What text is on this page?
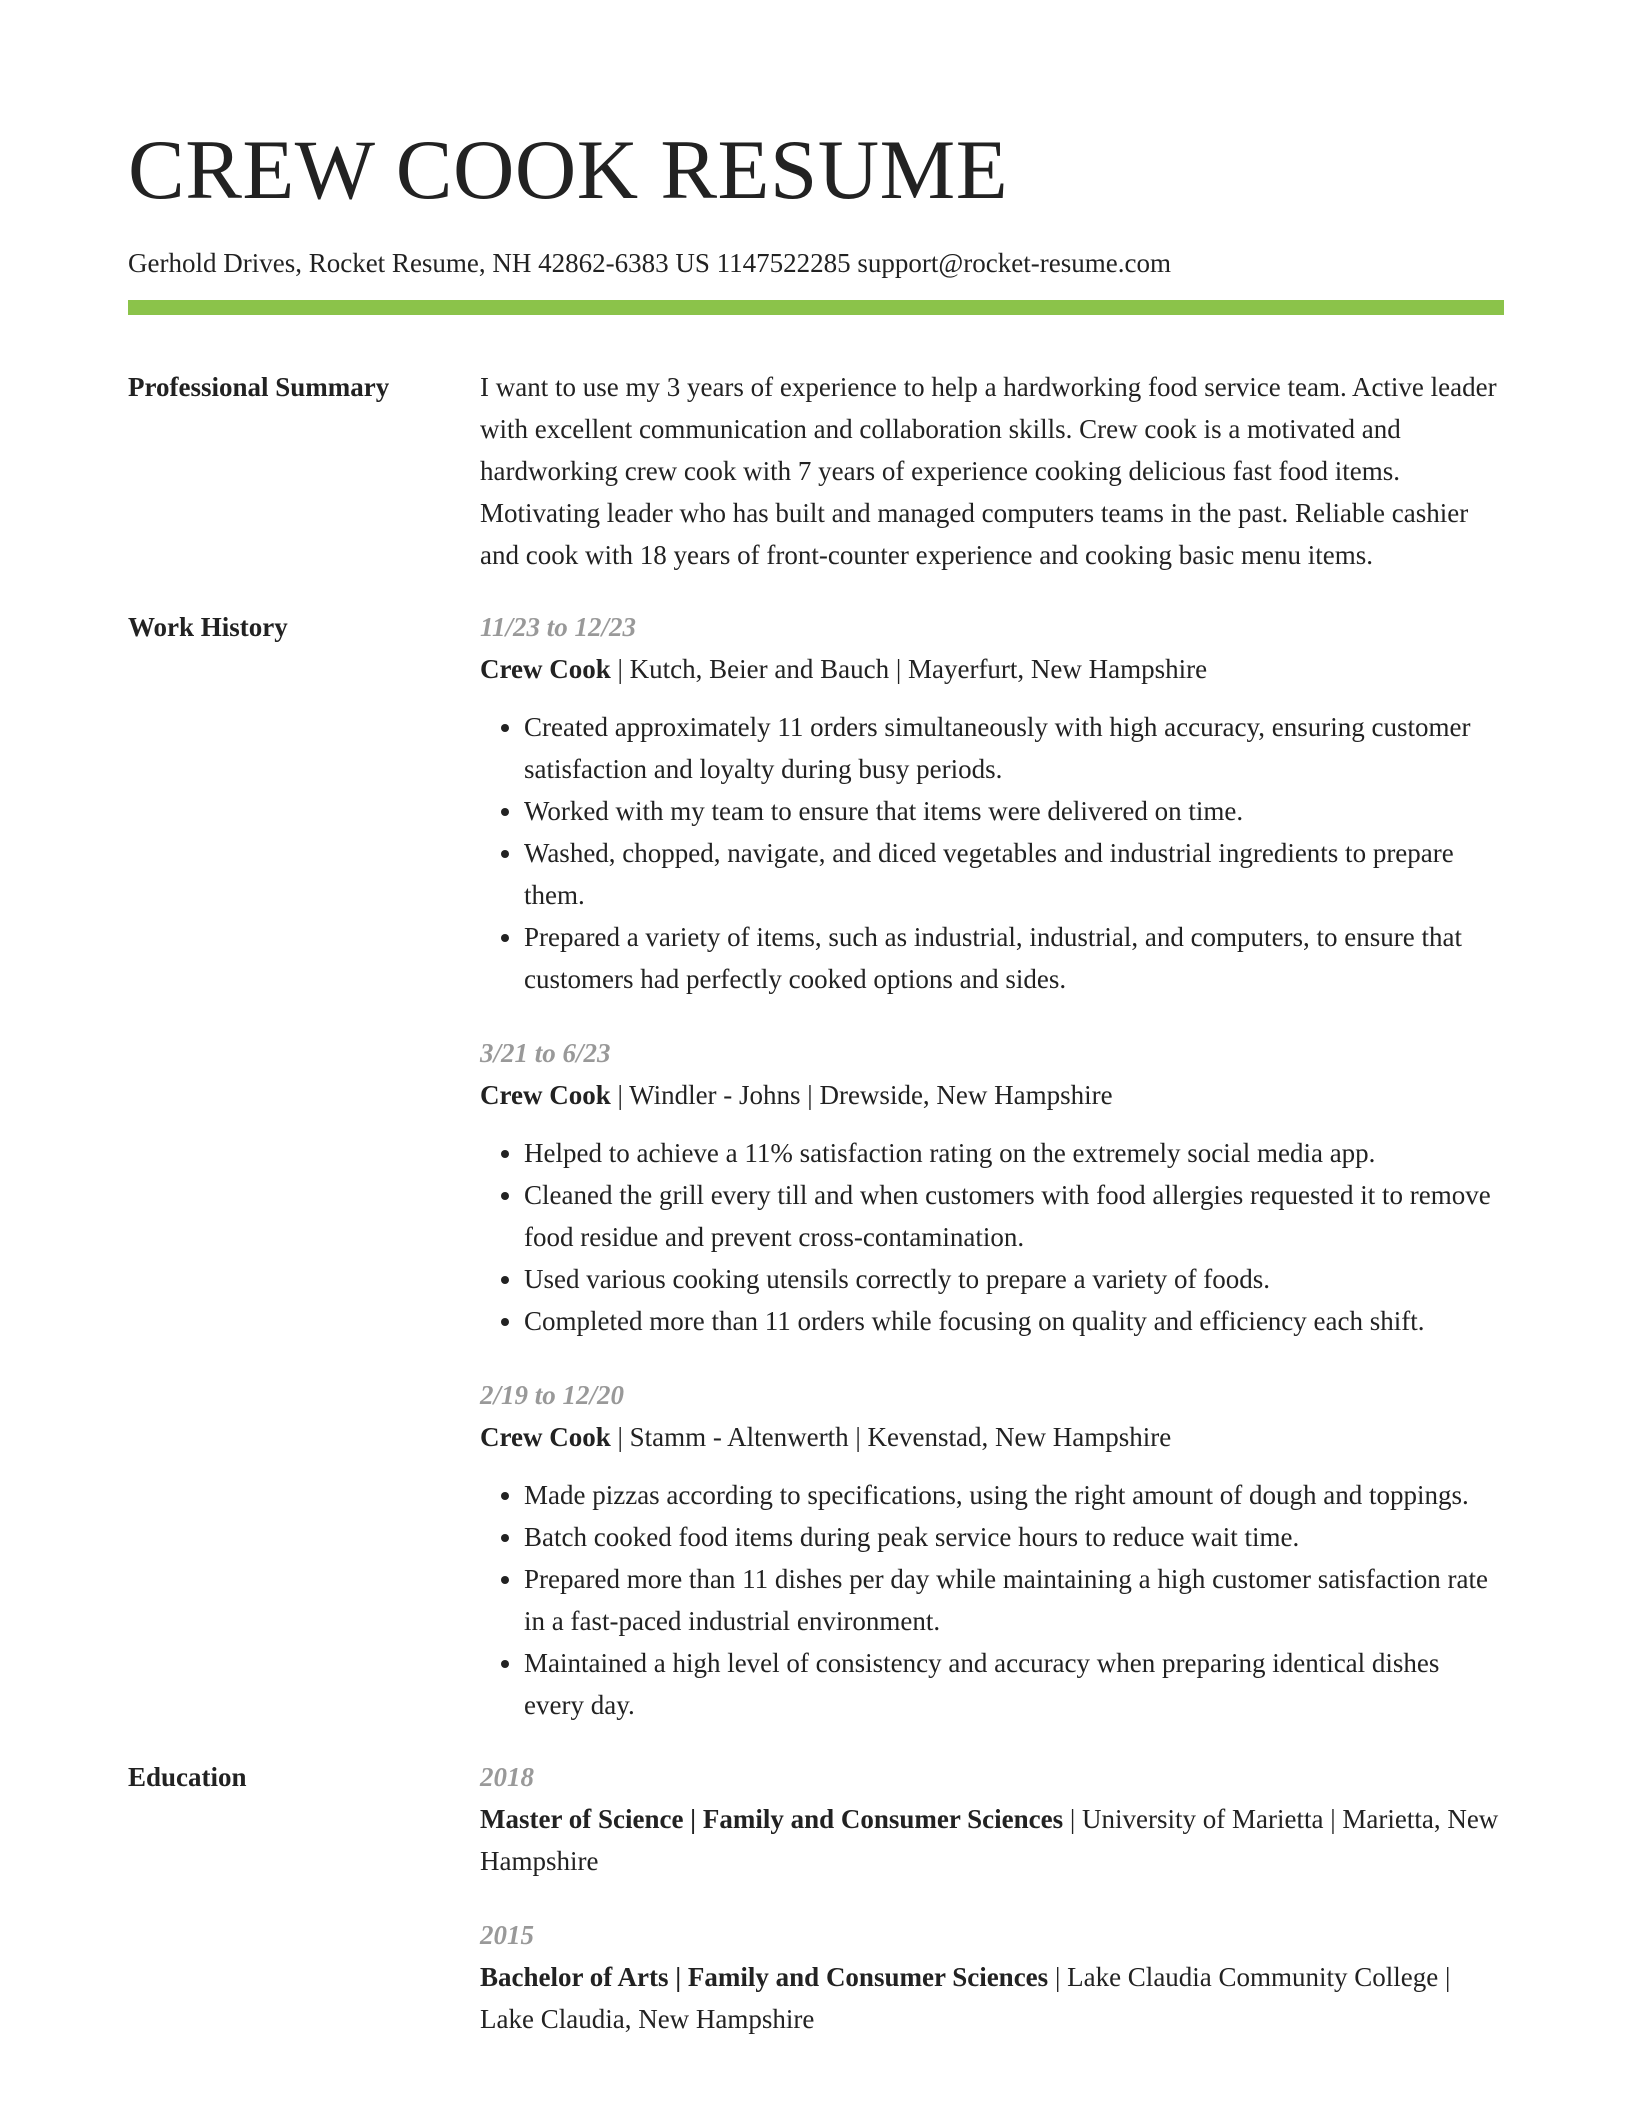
CREW COOK RESUME
Gerhold Drives, Rocket Resume, NH 42862-6383 US 1147522285 support@rocket-resume.com
Professional Summary	I want to use my 3 years of experience to help a hardworking food service team. Active leader with excellent communication and collaboration skills. Crew cook is a motivated and hardworking crew cook with 7 years of experience cooking delicious fast food items. Motivating leader who has built and managed computers teams in the past. Reliable cashier and cook with 18 years of front-counter experience and cooking basic menu items.

Work History	11/23 to 12/23
Crew Cook | Kutch, Beier and Bauch | Mayerfurt, New Hampshire
• Created approximately 11 orders simultaneously with high accuracy, ensuring customer satisfaction and loyalty during busy periods.
• Worked with my team to ensure that items were delivered on time.
• Washed, chopped, navigate, and diced vegetables and industrial ingredients to prepare them.
• Prepared a variety of items, such as industrial, industrial, and computers, to ensure that customers had perfectly cooked options and sides.
3/21 to 6/23
Crew Cook | Windler - Johns | Drewside, New Hampshire
• Helped to achieve a 11% satisfaction rating on the extremely social media app.
• Cleaned the grill every till and when customers with food allergies requested it to remove food residue and prevent cross-contamination.
• Used various cooking utensils correctly to prepare a variety of foods.
• Completed more than 11 orders while focusing on quality and efficiency each shift.
2/19 to 12/20
Crew Cook | Stamm - Altenwerth | Kevenstad, New Hampshire
• Made pizzas according to specifications, using the right amount of dough and toppings.
• Batch cooked food items during peak service hours to reduce wait time.
• Prepared more than 11 dishes per day while maintaining a high customer satisfaction rate in a fast-paced industrial environment.
• Maintained a high level of consistency and accuracy when preparing identical dishes every day.
Education	2018
Master of Science | Family and Consumer Sciences | University of Marietta | Marietta, New Hampshire
2015
Bachelor of Arts | Family and Consumer Sciences | Lake Claudia Community College | Lake Claudia, New Hampshire
